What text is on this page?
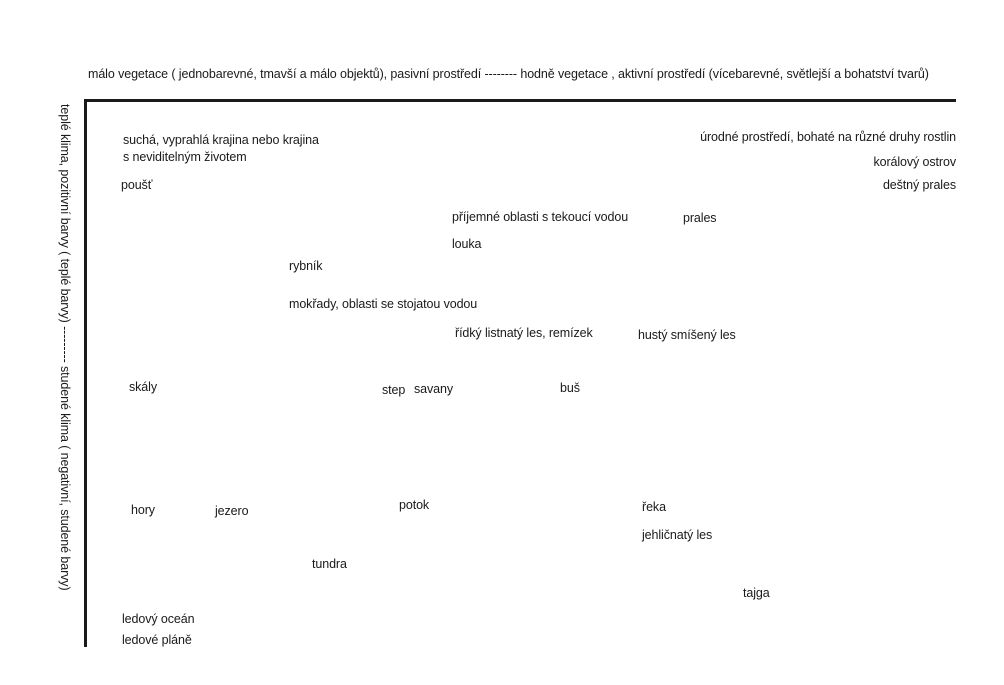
málo vegetace ( jednobarevné, tmavší a málo objektů), pasivní prostředí -------- hodně vegetace , aktivní prostředí (vícebarevné, světlejší a bohatství tvarů)
teplé klima, pozitivní barvy ( teplé barvy) --------- studené klima ( negativní, studené barvy)	suchá, vyprahlá krajina nebo krajina
s neviditelným životem
poušť
úrodné prostředí, bohaté na různé druhy rostlin
korálový ostrov
deštný prales
příjemné oblasti s tekoucí vodou	prales
louka
rybník
mokřady, oblasti se stojatou vodou
řídký listnatý les, remízek	hustý smíšený les
skály	step savany	buš
hory	jezero	potok	řeka
jehličnatý les
tundra
tajga
ledový oceán
ledové pláně
